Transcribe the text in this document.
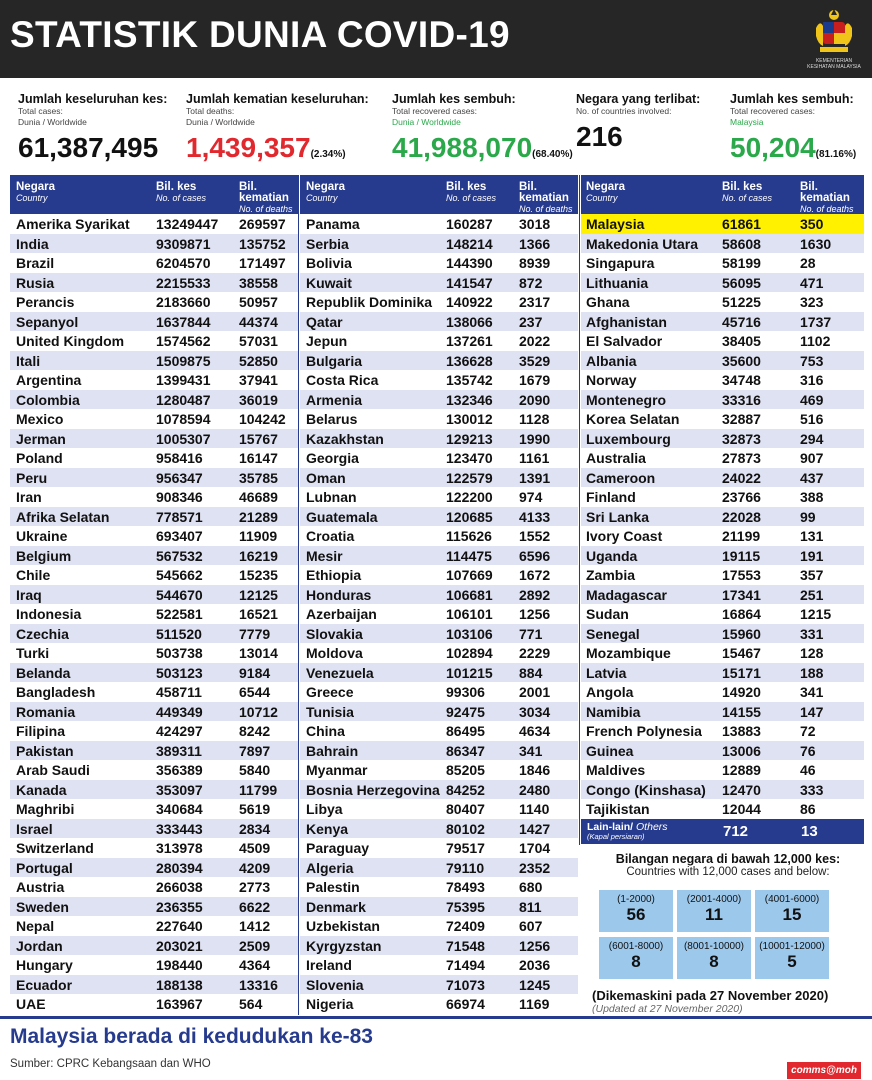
STATISTIK DUNIA COVID-19
KEMENTERIAN KESIHATAN MALAYSIA
Jumlah keseluruhan kes:
Total cases:
Dunia / Worldwide
61,387,495
Jumlah kematian keseluruhan:
Total deaths:
Dunia / Worldwide
1,439,357(2.34%)
Jumlah kes sembuh:
Total recovered cases:
Dunia / Worldwide
41,988,070(68.40%)
Negara yang terlibat:
No. of countries involved:
216
Jumlah kes sembuh:
Total recovered cases:
Malaysia
50,204(81.16%)
Negara
Country
Bil. kes
No. of cases
Bil. kematian
No. of deaths
Amerika Syarikat 13249447 269597
India	9309871 135752
Brazil	6204570 171497
Rusia	2215533 38558
Perancis	2183660 50957
Sepanyol	1637844 44374
United Kingdom 1574562 57031
Itali	1509875 52850
Argentina	1399431 37941
Colombia	1280487 36019
Mexico	1078594 104242
Jerman	1005307 15767
Poland	958416	16147
Peru	956347	35785
Iran	908346	46689
Afrika Selatan	778571	21289
Ukraine	693407	11909
Belgium	567532	16219
Chile	545662	15235
Iraq	544670	12125
Indonesia	522581	16521
Czechia	511520	7779
Turki	503738	13014
Belanda	503123	9184
Bangladesh	458711	6544
Romania	449349	10712
Filipina	424297	8242
Pakistan	389311	7897
Arab Saudi	356389	5840
Kanada	353097	11799
Maghribi	340684	5619
Israel	333443	2834
Switzerland	313978	4509
Portugal	280394	4209
Austria	266038	2773
Sweden	236355	6622
Nepal	227640	1412
Jordan	203021	2509
Hungary	198440	4364
Ecuador	188138	13316
UAE	163967	564
Negara
Country
Bil. kes
No. of cases
Bil. kematian
No. of deaths
Panama	160287 3018
Serbia	148214 1366
Bolivia	144390 8939
Kuwait	141547 872
Republik Dominika 140922 2317
Qatar	138066 237
Jepun	137261 2022
Bulgaria	136628 3529
Costa Rica	135742 1679
Armenia	132346 2090
Belarus	130012 1128
Kazakhstan	129213 1990
Georgia	123470 1161
Oman	122579 1391
Lubnan	122200 974
Guatemala	120685 4133
Croatia	115626 1552
Mesir	114475 6596
Ethiopia	107669 1672
Honduras	106681 2892
Azerbaijan	106101 1256
Slovakia	103106 771
Moldova	102894 2229
Venezuela	101215 884
Greece	99306 2001
Tunisia	92475 3034
China	86495 4634
Bahrain	86347 341
Myanmar	85205 1846
Bosnia Herzegovina 84252 2480
Libya	80407 1140
Kenya	80102 1427
Paraguay	79517 1704
Algeria	79110 2352
Palestin	78493 680
Denmark	75395 811
Uzbekistan	72409 607
Kyrgyzstan	71548 1256
Ireland	71494 2036
Slovenia	71073 1245
Nigeria	66974 1169
Negara
Country
Bil. kes
No. of cases
Bil. kematian
No. of deaths
Malaysia	61861	350
Makedonia Utara 58608	1630
Singapura	58199	28
Lithuania	56095	471
Ghana	51225	323
Afghanistan	45716	1737
El Salvador	38405	1102
Albania	35600	753
Norway	34748	316
Montenegro	33316	469
Korea Selatan	32887	516
Luxembourg	32873	294
Australia	27873	907
Cameroon	24022	437
Finland	23766	388
Sri Lanka	22028	99
Ivory Coast	21199	131
Uganda	19115	191
Zambia	17553	357
Madagascar	17341	251
Sudan	16864	1215
Senegal	15960	331
Mozambique	15467	128
Latvia	15171	188
Angola	14920	341
Namibia	14155	147
French Polynesia 13883	72
Guinea	13006	76
Maldives	12889	46
Congo (Kinshasa) 12470	333
Tajikistan	12044	86
Lain-lain/ Others
(Kapal persiaran)	712	13
Bilangan negara di bawah 12,000 kes:
Countries with 12,000 cases and below:
(1-2000)
56
(2001-4000)
11
(4001-6000)
15
(6001-8000)
8
(8001-10000)
8
(10001-12000)
5
(Dikemaskini pada 27 November 2020)
(Updated at 27 November 2020)
Malaysia berada di kedudukan ke-83
Sumber: CPRC Kebangsaan dan WHO
comms@moh
